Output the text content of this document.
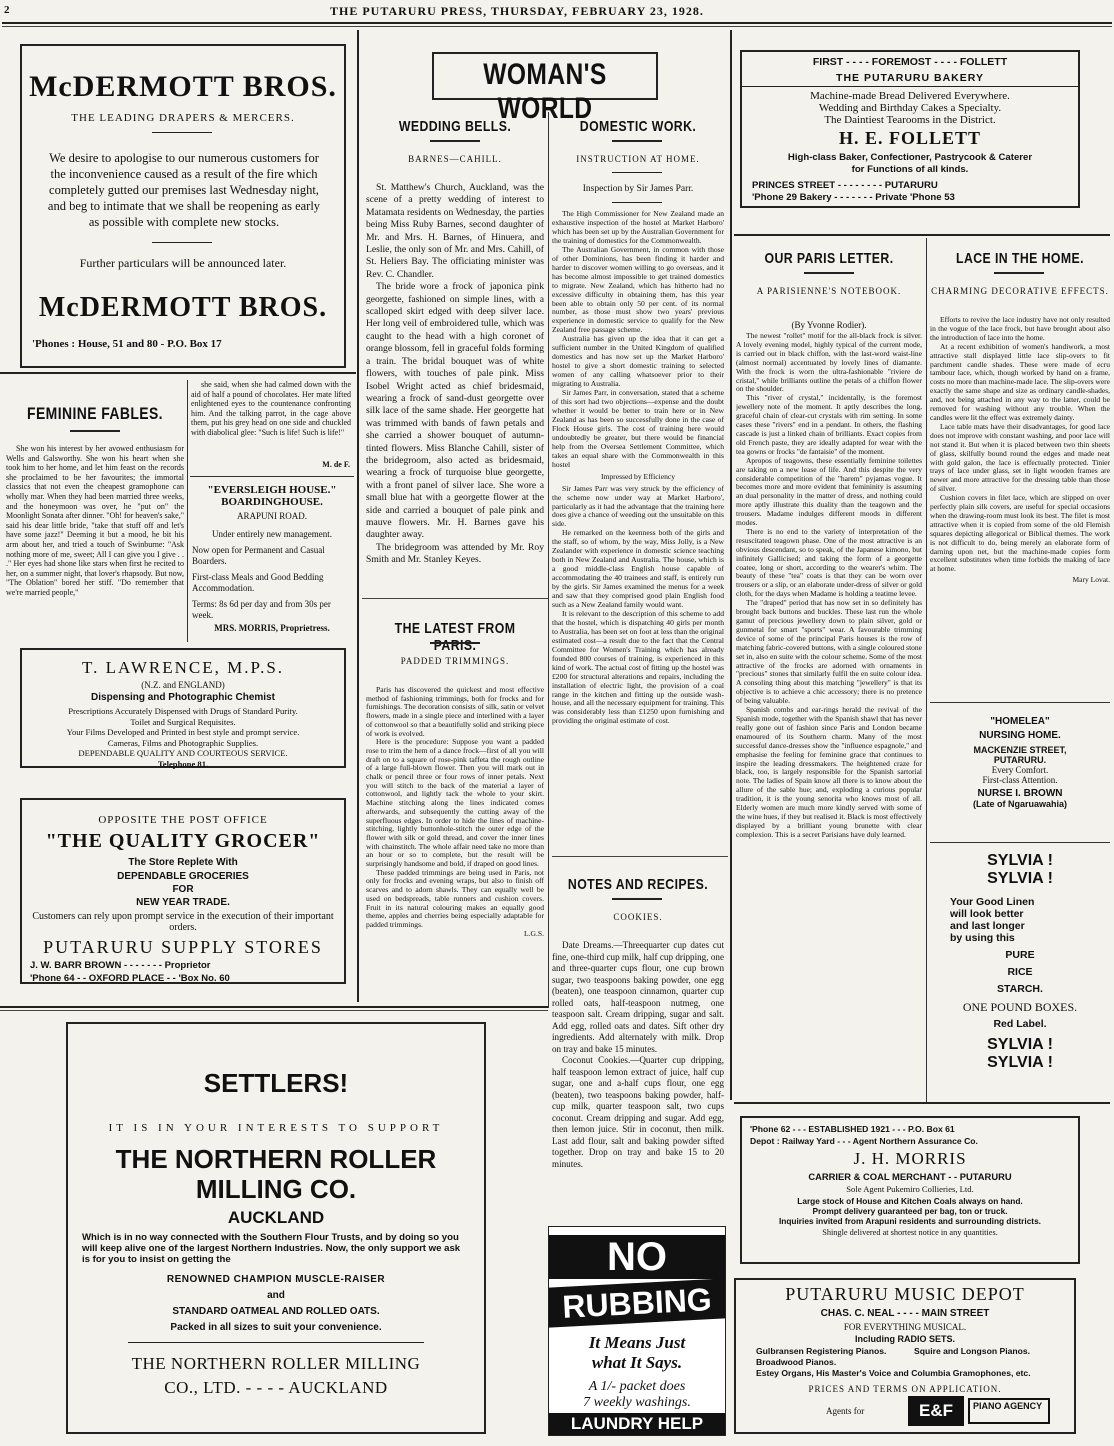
2	THE PUTARURU PRESS, THURSDAY, FEBRUARY 23, 1928.
McDERMOTT BROS.
THE LEADING DRAPERS & MERCERS.
We desire to apologise to our numerous customers for the inconvenience caused as a result of the fire which completely gutted our premises last Wednesday night, and beg to intimate that we shall be reopening as early as possible with complete new stocks.
Further particulars will be announced later.
McDERMOTT BROS.
'Phones : House, 51 and 80 - P.O. Box 17
FEMININE FABLES.

She won his interest by her avowed enthusiasm for Wells and Galsworthy. She won his heart when she took him to her home, and let him feast on the records she proclaimed to be her favourites; the immortal classics that not even the cheapest gramophone can wholly mar. When they had been married three weeks, and the honeymoon was over, he "put on" the Moonlight Sonata after dinner. "Oh! for heaven's sake," said his dear little bride, "take that stuff off and let's have some jazz!" Deeming it but a mood, he bit his arm about her, and tried a touch of Swinburne: "Ask nothing more of me, sweet; All I can give you I give . . ." Her eyes had shone like stars when first he recited to her, on a summer night, that lover's rhapsody. But now, "The Oblation" bored her stiff. "Do remember that we're married people,"

she said, when she had calmed down with the aid of half a pound of chocolates. Her mate lifted enlightened eyes to the countenance confronting him. And the talking parrot, in the cage above them, put his grey head on one side and chuckled with diabolical glee: "Such is life! Such is life!"

M. de F.
"EVERSLEIGH HOUSE."
BOARDINGHOUSE.
ARAPUNI ROAD.
Under entirely new management.
Now open for Permanent and Casual Boarders.
First-class Meals and Good Bedding Accommodation.
Terms: 8s 6d per day and from 30s per week.
MRS. MORRIS, Proprietress.
T. LAWRENCE, M.P.S.
(N.Z. and ENGLAND)
Dispensing and Photographic Chemist
Prescriptions Accurately Dispensed with Drugs of Standard Purity.
Toilet and Surgical Requisites.
Your Films Developed and Printed in best style and prompt service.
Cameras, Films and Photographic Supplies.
DEPENDABLE QUALITY AND COURTEOUS SERVICE.
Telephone 81.
OPPOSITE THE POST OFFICE
"THE QUALITY GROCER"
The Store Replete With
DEPENDABLE GROCERIES
FOR
NEW YEAR TRADE.
Customers can rely upon prompt service in the execution of their important orders.
PUTARURU SUPPLY STORES
J. W. BARR BROWN - - - - - - - Proprietor
'Phone 64 - - OXFORD PLACE - - 'Box No. 60
WOMAN'S WORLD
WEDDING BELLS.
BARNES—CAHILL.

St. Matthew's Church, Auckland, was the scene of a pretty wedding of interest to Matamata residents on Wednesday, the parties being Miss Ruby Barnes, second daughter of Mr. and Mrs. H. Barnes, of Hinuera, and Leslie, the only son of Mr. and Mrs. Cahill, of St. Heliers Bay. The officiating minister was Rev. C. Chandler.

The bride wore a frock of japonica pink georgette, fashioned on simple lines, with a scalloped skirt edged with deep silver lace. Her long veil of embroidered tulle, which was caught to the head with a high coronet of orange blossom, fell in graceful folds forming a train. The bridal bouquet was of white flowers, with touches of pale pink. Miss Isobel Wright acted as chief bridesmaid, wearing a frock of sand-dust georgette over silk lace of the same shade. Her georgette hat was trimmed with bands of fawn petals and she carried a shower bouquet of autumn-tinted flowers. Miss Blanche Cahill, sister of the bridegroom, also acted as bridesmaid, wearing a frock of turquoise blue georgette, with a front panel of silver lace. She wore a small blue hat with a georgette flower at the side and carried a bouquet of pale pink and mauve flowers. Mr. H. Barnes gave his daughter away.

The bridegroom was attended by Mr. Roy Smith and Mr. Stanley Keyes.

DOMESTIC WORK.
INSTRUCTION AT HOME.
Inspection by Sir James Parr.

The High Commissioner for New Zealand made an exhaustive inspection of the hostel at Market Harboro' which has been set up by the Australian Government for the training of domestics for the Commonwealth.

The Australian Government, in common with those of other Dominions, has been finding it harder and harder to discover women willing to go overseas, and it has become almost impossible to get trained domestics to migrate. New Zealand, which has hitherto had no excessive difficulty in obtaining them, has this year been able to obtain only 50 per cent. of its normal number, as those must show two years' previous experience in domestic service to qualify for the New Zealand free passage scheme.

Australia has given up the idea that it can get a sufficient number in the United Kingdom of qualified domestics and has now set up the Market Harboro' hostel to give a short domestic training to selected women of any calling whatsoever prior to their migrating to Australia.

Sir James Parr, in conversation, stated that a scheme of this sort had two objections—expense and the doubt whether it would be better to train here or in New Zealand as has been so successfully done in the case of Flock House girls. The cost of training here would undoubtedly be greater, but there would be financial help from the Oversea Settlement Committee, which takes an equal share with the Commonwealth in this hostel

Impressed by Efficiency

Sir James Parr was very struck by the efficiency of the scheme now under way at Market Harboro', particularly as it had the advantage that the training here does give a chance of weeding out the unsuitable on this side.

He remarked on the keenness both of the girls and the staff, so of whom, by the way, Miss Jolly, is a New Zealander with experience in domestic science teaching both in New Zealand and Australia. The house, which is a good middle-class English house capable of accommodating the 40 trainees and staff, is entirely run by the girls. Sir James examined the menus for a week and saw that they comprised good plain English food such as a New Zealand family would want.

It is relevant to the description of this scheme to add that the hostel, which is dispatching 40 girls per month to Australia, has been set on foot at less than the original estimated cost—a result due to the fact that the Central Committee for Women's Training which has already founded 800 courses of training, is experienced in this kind of work. The actual cost of fitting up the hostel was £200 for structural alterations and repairs, including the installation of electric light, the provision of a coal range in the kitchen and fitting up the outside wash-house, and all the necessary equipment for training. This was considerably less than £1250 upon furnishing and providing the original estimate of cost.

THE LATEST FROM PARIS.
PADDED TRIMMINGS.

Paris has discovered the quickest and most effective method of fashioning trimmings, both for frocks and for furnishings. The decoration consists of silk, satin or velvet flowers, made in a single piece and interlined with a layer of cottonwool so that a beautifully solid and striking piece of work is evolved.

Here is the procedure: Suppose you want a padded rose to trim the hem of a dance frock—first of all you will draft on to a square of rose-pink taffeta the rough outline of a large full-blown flower. Then you will mark out in chalk or pencil three or four rows of inner petals. Next you will stitch to the back of the material a layer of cottonwool, and lightly tack the whole to your skirt. Machine stitching along the lines indicated comes afterwards, and subsequently the cutting away of the superfluous edges. In order to hide the lines of machine-stitching, lightly buttonhole-stitch the outer edge of the flower with silk or gold thread, and cover the inner lines with chainstitch. The whole affair need take no more than an hour or so to complete, but the result will be surprisingly handsome and bold, if draped on good lines.

These padded trimmings are being used in Paris, not only for frocks and evening wraps, but also to finish off scarves and to adorn shawls. They can equally well be used on bedspreads, table runners and cushion covers. Fruit in its natural colouring makes an equally good theme, apples and cherries being especially adaptable for padded trimmings.

L.G.S.
NOTES AND RECIPES.
COOKIES.

Date Dreams.—Threequarter cup dates cut fine, one-third cup milk, half cup dripping, one and three-quarter cups flour, one cup brown sugar, two teaspoons baking powder, one egg (beaten), one teaspoon cinnamon, quarter cup rolled oats, half-teaspoon nutmeg, one teaspoon salt. Cream dripping, sugar and salt. Add egg, rolled oats and dates. Sift other dry ingredients. Add alternately with milk. Drop on tray and bake 15 minutes.

Coconut Cookies.—Quarter cup dripping, half teaspoon lemon extract of juice, half cup sugar, one and a-half cups flour, one egg (beaten), two teaspoons baking powder, half-cup milk, quarter teaspoon salt, two cups coconut. Cream dripping and sugar. Add egg, then lemon juice. Stir in coconut, then milk. Last add flour, salt and baking powder sifted together. Drop on tray and bake 15 to 20 minutes.

SETTLERS!
IT IS IN YOUR INTERESTS TO SUPPORT
THE NORTHERN ROLLER
MILLING CO.
AUCKLAND
Which is in no way connected with the Southern Flour Trusts, and by doing so you will keep alive one of the largest Northern Industries. Now, the only support we ask is for you to insist on getting the
RENOWNED CHAMPION MUSCLE-RAISER
and
STANDARD OATMEAL AND ROLLED OATS.
Packed in all sizes to suit your convenience.
THE NORTHERN ROLLER MILLING
CO., LTD. - - - - AUCKLAND
NO
RUBBING
It Means Just
what It Says.
A 1/- packet does
7 weekly washings.
LAUNDRY HELP
FIRST - - - - FOREMOST - - - - FOLLETT
THE PUTARURU BAKERY
Machine-made Bread Delivered Everywhere.
Wedding and Birthday Cakes a Specialty.
The Daintiest Tearooms in the District.
H. E. FOLLETT
High-class Baker, Confectioner, Pastrycook & Caterer
for Functions of all kinds.
PRINCES STREET - - - - - - - - PUTARURU
'Phone 29 Bakery - - - - - - - Private 'Phone 53
OUR PARIS LETTER.
A PARISIENNE'S NOTEBOOK.
(By Yvonne Rodier).

The newest "rollet" motif for the all-black frock is silver. A lovely evening model, highly typical of the current mode, is carried out in black chiffon, with the last-word waist-line (almost normal) accentuated by lovely lines of diamante. With the frock is worn the ultra-fashionable "riviere de cristal," while brilliants outline the petals of a chiffon flower on the shoulder.

This "river of crystal," incidentally, is the foremost jewellery note of the moment. It aptly describes the long, graceful chain of clear-cut crystals with rim setting. In some cases these "rivers" end in a pendant. In others, the flashing cascade is just a linked chain of brilliants. Exact copies from old French paste, they are ideally adapted for wear with the tea gowns or frocks "de fantaisie" of the moment.

Apropos of teagowns, these essentially feminine toilettes are taking on a new lease of life. And this despite the very considerable competition of the "harem" pyjamas vogue. It becomes more and more evident that femininity is assuming an dual personality in the matter of dress, and nothing could more aptly illustrate this duality than the teagown and the trousers. Madame indulges different moods in different modes.

There is no end to the variety of interpretation of the resuscitated teagown phase. One of the most attractive is an obvious descendant, so to speak, of the Japanese kimono, but infinitely Gallicised; and taking the form of a georgette coatee, long or short, according to the wearer's whim. The beauty of these "tea" coats is that they can be worn over trousers or a slip, or an elaborate under-dress of silver or gold cloth, for the days when Madame is holding a teatime levee.

The "draped" period that has now set in so definitely has brought back buttons and buckles. These last run the whole gamut of precious jewellery down to plain silver, gold or gunmetal for smart "sports" wear. A favourable trimming device of some of the principal Paris houses is the row of matching fabric-covered buttons, with a single coloured stone set in, also en suite with the colour scheme. Some of the most attractive of the frocks are adorned with ornaments in "precious" stones that similarly fulfil the en suite colour idea. A consoling thing about this matching "jewellery" is that its objective is to achieve a chic accessory; there is no pretence of being valuable.

Spanish combs and ear-rings herald the revival of the Spanish mode, together with the Spanish shawl that has never really gone out of fashion since Paris and London became enamoured of its Southern charm. Many of the most successful dance-dresses show the "influence espagnole," and emphasise the feeling for feminine grace that continues to inspire the leading dressmakers. The heightened craze for black, too, is largely responsible for the Spanish sartorial note. The ladies of Spain know all there is to know about the allure of the sable hue; and, exploding a curious popular tradition, it is the young senorita who knows most of all. Elderly women are much more kindly served with some of the wine hues, if they but realised it. Black is most effectively displayed by a brilliant young brunette with clear complexion. This is a secret Parisians have duly learned.

LACE IN THE HOME.
CHARMING DECORATIVE EFFECTS.

Efforts to revive the lace industry have not only resulted in the vogue of the lace frock, but have brought about also the introduction of lace into the home.

At a recent exhibition of women's handiwork, a most attractive stall displayed little lace slip-overs to fit parchment candle shades. These were made of ecru tambour lace, which, though worked by hand on a frame, costs no more than machine-made lace. The slip-overs were exactly the same shape and size as ordinary candle-shades, and, not being attached in any way to the latter, could be removed for washing without any trouble. When the candles were lit the effect was extremely dainty.

Lace table mats have their disadvantages, for good lace does not improve with constant washing, and poor lace will not stand it. But when it is placed between two thin sheets of glass, skilfully bound round the edges and made neat with gold galon, the lace is effectually protected. Tinier trays of lace under glass, set in light wooden frames are newer and more attractive for the dressing table than those of silver.

Cushion covers in filet lace, which are slipped on over perfectly plain silk covers, are useful for special occasions when the drawing-room must look its best. The filet is most attractive when it is copied from some of the old Flemish squares depicting allegorical or Biblical themes. The work is not difficult to do, being merely an elaborate form of darning upon net, but the machine-made copies form excellent substitutes when time forbids the making of lace at home.

Mary Lovat.
"HOMELEA"
NURSING HOME.
MACKENZIE STREET,
PUTARURU.
Every Comfort.
First-class Attention.
NURSE I. BROWN
(Late of Ngaruawahia)
SYLVIA !
SYLVIA !
Your Good Linen
will look better
and last longer
by using this
PURE
RICE
STARCH.
ONE POUND BOXES.
Red Label.
SYLVIA !
SYLVIA !
'Phone 62 - - - ESTABLISHED 1921 - - - P.O. Box 61
Depot : Railway Yard - - - Agent Northern Assurance Co.
J. H. MORRIS
CARRIER & COAL MERCHANT - - PUTARURU
Sole Agent Pukemiro Collieries, Ltd.
Large stock of House and Kitchen Coals always on hand.
Prompt delivery guaranteed per bag, ton or truck.
Inquiries invited from Arapuni residents and surrounding districts.
Shingle delivered at shortest notice in any quantities.
PUTARURU MUSIC DEPOT
CHAS. C. NEAL - - - - MAIN STREET
FOR EVERYTHING MUSICAL.
Including RADIO SETS.
Gulbransen Registering Pianos.	Squire and Longson Pianos.
Broadwood Pianos.
Estey Organs, His Master's Voice and Columbia Gramophones, etc.
PRICES AND TERMS ON APPLICATION.
Agents for	E&F	PIANO AGENCY
